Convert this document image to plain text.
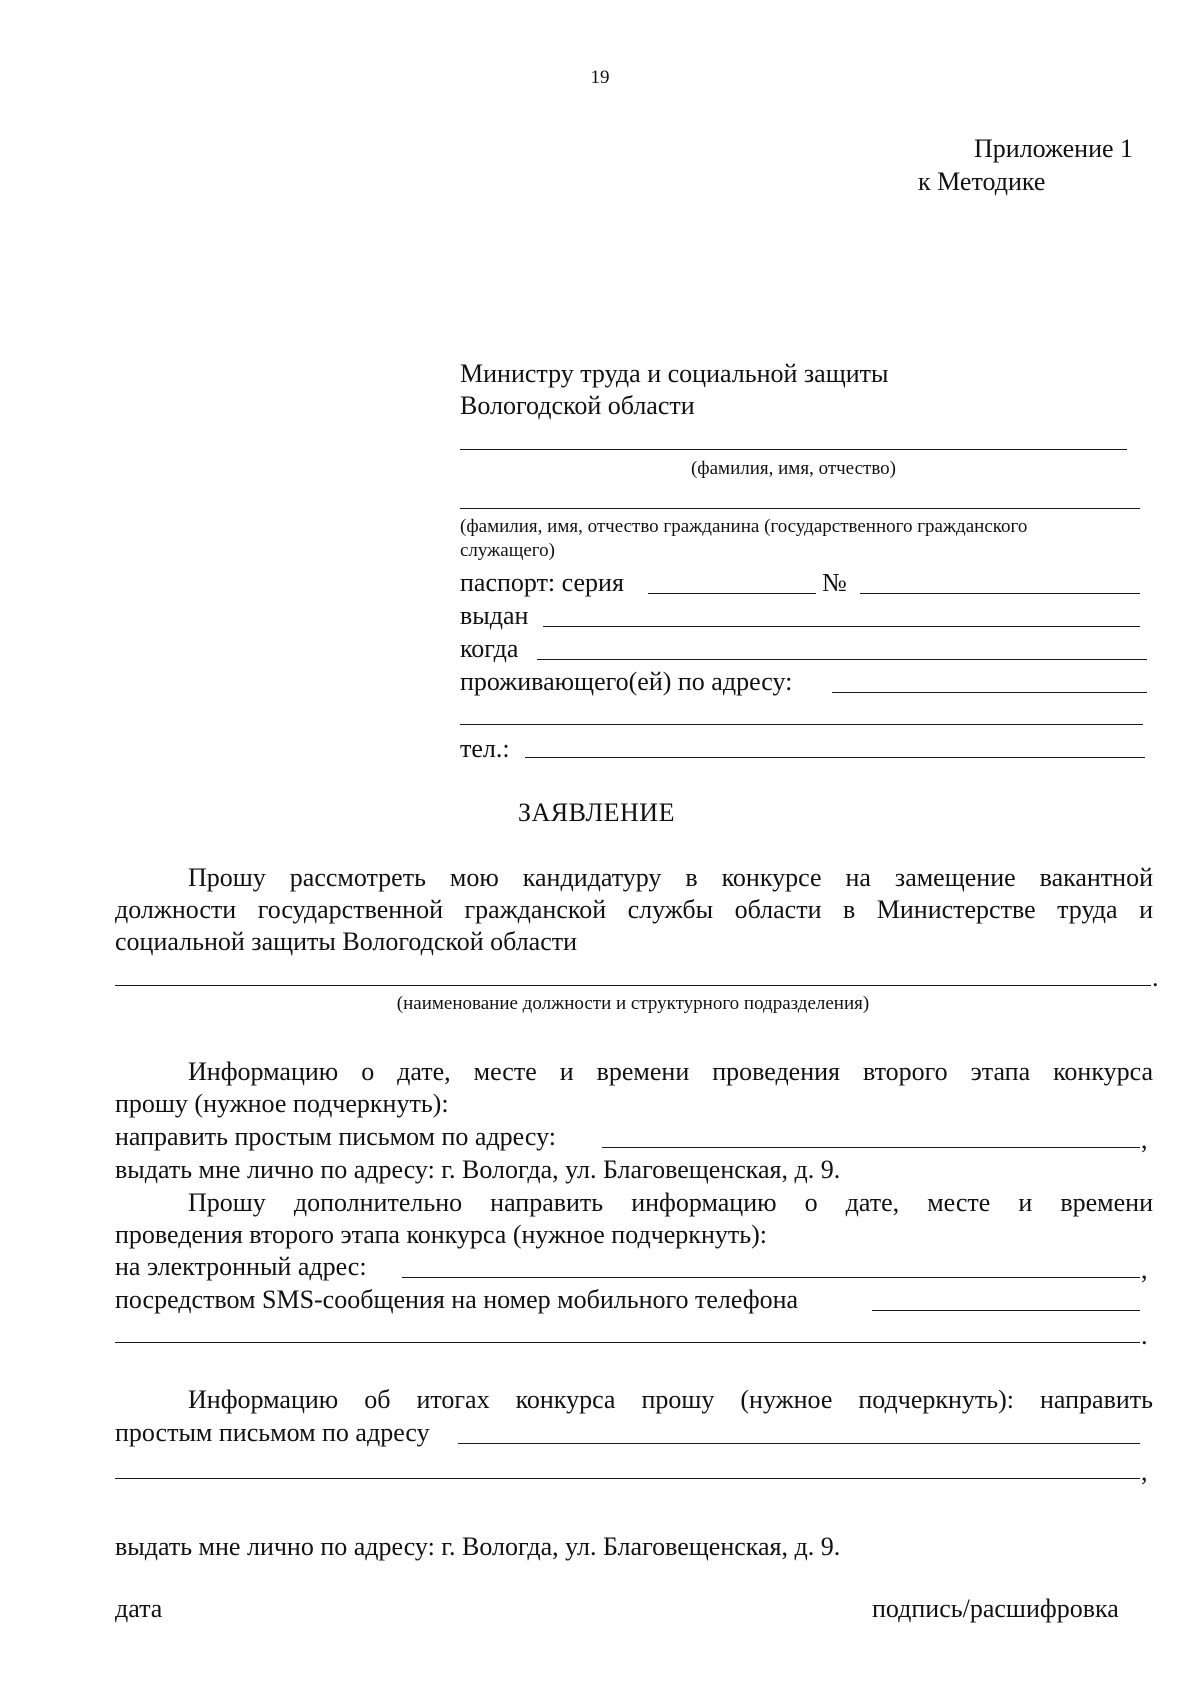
19
Приложение 1
к Методике
Министру труда и социальной защиты
Вологодской области
(фамилия, имя, отчество)
(фамилия, имя, отчество гражданина (государственного гражданского
служащего)
паспорт: серия	№
выдан
когда
проживающего(ей) по адресу:
тел.:
ЗАЯВЛЕНИЕ
Прошу рассмотреть мою кандидатуру в конкурсе на замещение вакантной
должности государственной гражданской службы области в Министерстве труда и
социальной защиты Вологодской области
.
(наименование должности и структурного подразделения)
Информацию о дате, месте и времени проведения второго этапа конкурса
прошу (нужное подчеркнуть):
направить простым письмом по адресу:	,
выдать мне лично по адресу: г. Вологда, ул. Благовещенская, д. 9.
Прошу дополнительно направить информацию о дате, месте и времени
проведения второго этапа конкурса (нужное подчеркнуть):
на электронный адрес:	,
посредством SMS-сообщения на номер мобильного телефона
.
Информацию об итогах конкурса прошу (нужное подчеркнуть): направить
простым письмом по адресу
,
выдать мне лично по адресу: г. Вологда, ул. Благовещенская, д. 9.
дата	подпись/расшифровка
